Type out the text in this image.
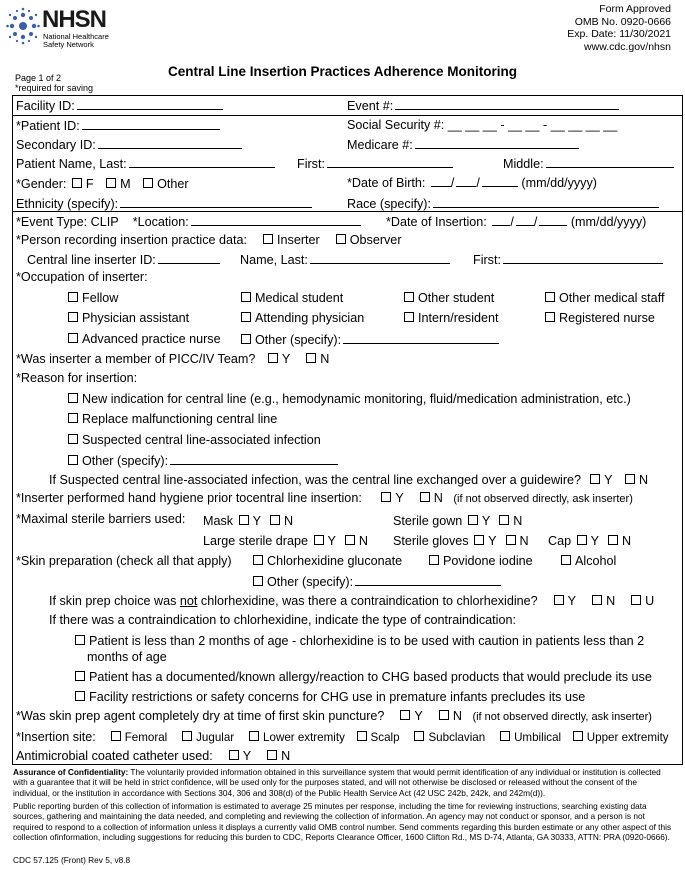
NHSN
National Healthcare
Safety Network
Form Approved
OMB No. 0920-0666
Exp. Date: 11/30/2021
www.cdc.gov/nhsn
Central Line Insertion Practices Adherence Monitoring
Page 1 of 2
*required for saving
Facility ID:	Event #:
*Patient ID:	Social Security #: __ __ __ - __ __ - __ __ __ __
Secondary ID:	Medicare #:
Patient Name, Last:	First:	Middle:
*Gender: F M Other	*Date of Birth: / /	(mm/dd/yyyy)
Ethnicity (specify):	Race (specify):
*Event Type: CLIP *Location:	*Date of Insertion: / /	(mm/dd/yyyy)
*Person recording insertion practice data: Inserter Observer
Central line inserter ID:	Name, Last:	First:
*Occupation of inserter:
Fellow	Medical student	Other student	Other medical staff
Physician assistant	Attending physician	Intern/resident	Registered nurse
Advanced practice nurse	Other (specify):
*Was inserter a member of PICC/IV Team? Y N
*Reason for insertion:
New indication for central line (e.g., hemodynamic monitoring, fluid/medication administration, etc.)
Replace malfunctioning central line
Suspected central line-associated infection
Other (specify):
If Suspected central line-associated infection, was the central line exchanged over a guidewire? Y N
*Inserter performed hand hygiene prior tocentral line insertion:	Y N (if not observed directly, ask inserter)
*Maximal sterile barriers used: Mask Y N	Sterile gown Y N
Large sterile drape Y N Sterile gloves Y N Cap Y N
*Skin preparation (check all that apply)	Chlorhexidine gluconate	Povidone iodine	Alcohol
Other (specify):
If skin prep choice was not chlorhexidine, was there a contraindication to chlorhexidine? Y N U
If there was a contraindication to chlorhexidine, indicate the type of contraindication:
Patient is less than 2 months of age - chlorhexidine is to be used with caution in patients less than 2
months of age
Patient has a documented/known allergy/reaction to CHG based products that would preclude its use
Facility restrictions or safety concerns for CHG use in premature infants precludes its use
*Was skin prep agent completely dry at time of first skin puncture? Y N (if not observed directly, ask inserter)
*Insertion site: Femoral Jugular Lower extremity Scalp Subclavian Umbilical Upper extremity
Antimicrobial coated catheter used: Y N
Assurance of Confidentiality: The voluntarily provided information obtained in this surveillance system that would permit identification of any individual or institution is collected with a guarantee that it will be held in strict confidence, will be used only for the purposes stated, and will not otherwise be disclosed or released without the consent of the individual, or the institution in accordance with Sections 304, 306 and 308(d) of the Public Health Service Act (42 USC 242b, 242k, and 242m(d)).
Public reporting burden of this collection of information is estimated to average 25 minutes per response, including the time for reviewing instructions, searching existing data sources, gathering and maintaining the data needed, and completing and reviewing the collection of information. An agency may not conduct or sponsor, and a person is not required to respond to a collection of information unless it displays a currently valid OMB control number. Send comments regarding this burden estimate or any other aspect of this collection ofinformation, including suggestions for reducing this burden to CDC, Reports Clearance Officer, 1600 Clifton Rd., MS D-74, Atlanta, GA 30333, ATTN: PRA (0920-0666).
CDC 57.125 (Front) Rev 5, v8.8
